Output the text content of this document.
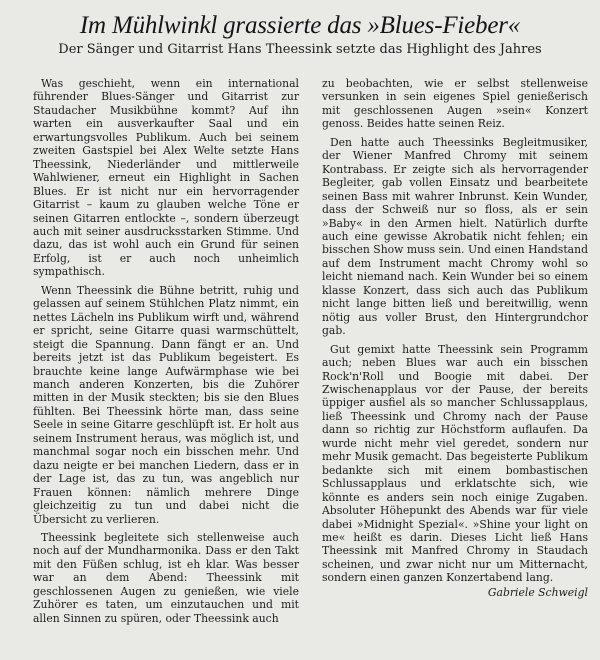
Im Mühlwinkl grassierte das »Blues-Fieber«
Der Sänger und Gitarrist Hans Theessink setzte das Highlight des Jahres

Was geschieht, wenn ein international führender Blues-Sänger und Gitarrist zur Staudacher Musikbühne kommt? Auf ihn warten ein ausverkaufter Saal und ein erwartungsvolles Publikum. Auch bei seinem zweiten Gastspiel bei Alex Welte setzte Hans Theessink, Niederländer und mittlerweile Wahlwiener, erneut ein Highlight in Sachen Blues. Er ist nicht nur ein hervorragender Gitarrist – kaum zu glauben welche Töne er seinen Gitarren entlockte –, sondern überzeugt auch mit seiner ausdrucksstarken Stimme. Und dazu, das ist wohl auch ein Grund für seinen Erfolg, ist er auch noch unheimlich sympathisch.

Wenn Theessink die Bühne betritt, ruhig und gelassen auf seinem Stühlchen Platz nimmt, ein nettes Lächeln ins Publikum wirft und, während er spricht, seine Gitarre quasi warmschüttelt, steigt die Spannung. Dann fängt er an. Und bereits jetzt ist das Publikum begeistert. Es brauchte keine lange Aufwärmphase wie bei manch anderen Konzerten, bis die Zuhörer mitten in der Musik steckten; bis sie den Blues fühlten. Bei Theessink hörte man, dass seine Seele in seine Gitarre geschlüpft ist. Er holt aus seinem Instrument heraus, was möglich ist, und manchmal sogar noch ein bisschen mehr. Und dazu neigte er bei manchen Liedern, dass er in der Lage ist, das zu tun, was angeblich nur Frauen können: nämlich mehrere Dinge gleichzeitig zu tun und dabei nicht die Übersicht zu verlieren.

Theessink begleitete sich stellenweise auch noch auf der Mundharmonika. Dass er den Takt mit den Füßen schlug, ist eh klar. Was besser war an dem Abend: Theessink mit geschlossenen Augen zu genießen, wie viele Zuhörer es taten, um einzutauchen und mit allen Sinnen zu spüren, oder Theessink auch

zu beobachten, wie er selbst stellenweise versunken in sein eigenes Spiel genießerisch mit geschlossenen Augen »sein« Konzert genoss. Beides hatte seinen Reiz.

Den hatte auch Theessinks Begleitmusiker, der Wiener Manfred Chromy mit seinem Kontrabass. Er zeigte sich als hervorragender Begleiter, gab vollen Einsatz und bearbeitete seinen Bass mit wahrer Inbrunst. Kein Wunder, dass der Schweiß nur so floss, als er sein »Baby« in den Armen hielt. Natürlich durfte auch eine gewisse Akrobatik nicht fehlen; ein bisschen Show muss sein. Und einen Handstand auf dem Instrument macht Chromy wohl so leicht niemand nach. Kein Wunder bei so einem klasse Konzert, dass sich auch das Publikum nicht lange bitten ließ und bereitwillig, wenn nötig aus voller Brust, den Hintergrundchor gab.

Gut gemixt hatte Theessink sein Programm auch; neben Blues war auch ein bisschen Rock'n'Roll und Boogie mit dabei. Der Zwischenapplaus vor der Pause, der bereits üppiger ausfiel als so mancher Schlussapplaus, ließ Theessink und Chromy nach der Pause dann so richtig zur Höchstform auflaufen. Da wurde nicht mehr viel geredet, sondern nur mehr Musik gemacht. Das begeisterte Publikum bedankte sich mit einem bombastischen Schlussapplaus und erklatschte sich, wie könnte es anders sein noch einige Zugaben. Absoluter Höhepunkt des Abends war für viele dabei »Midnight Spezial«. »Shine your light on me« heißt es darin. Dieses Licht ließ Hans Theessink mit Manfred Chromy in Staudach scheinen, und zwar nicht nur um Mitternacht, sondern einen ganzen Konzertabend lang.

Gabriele Schweigl
